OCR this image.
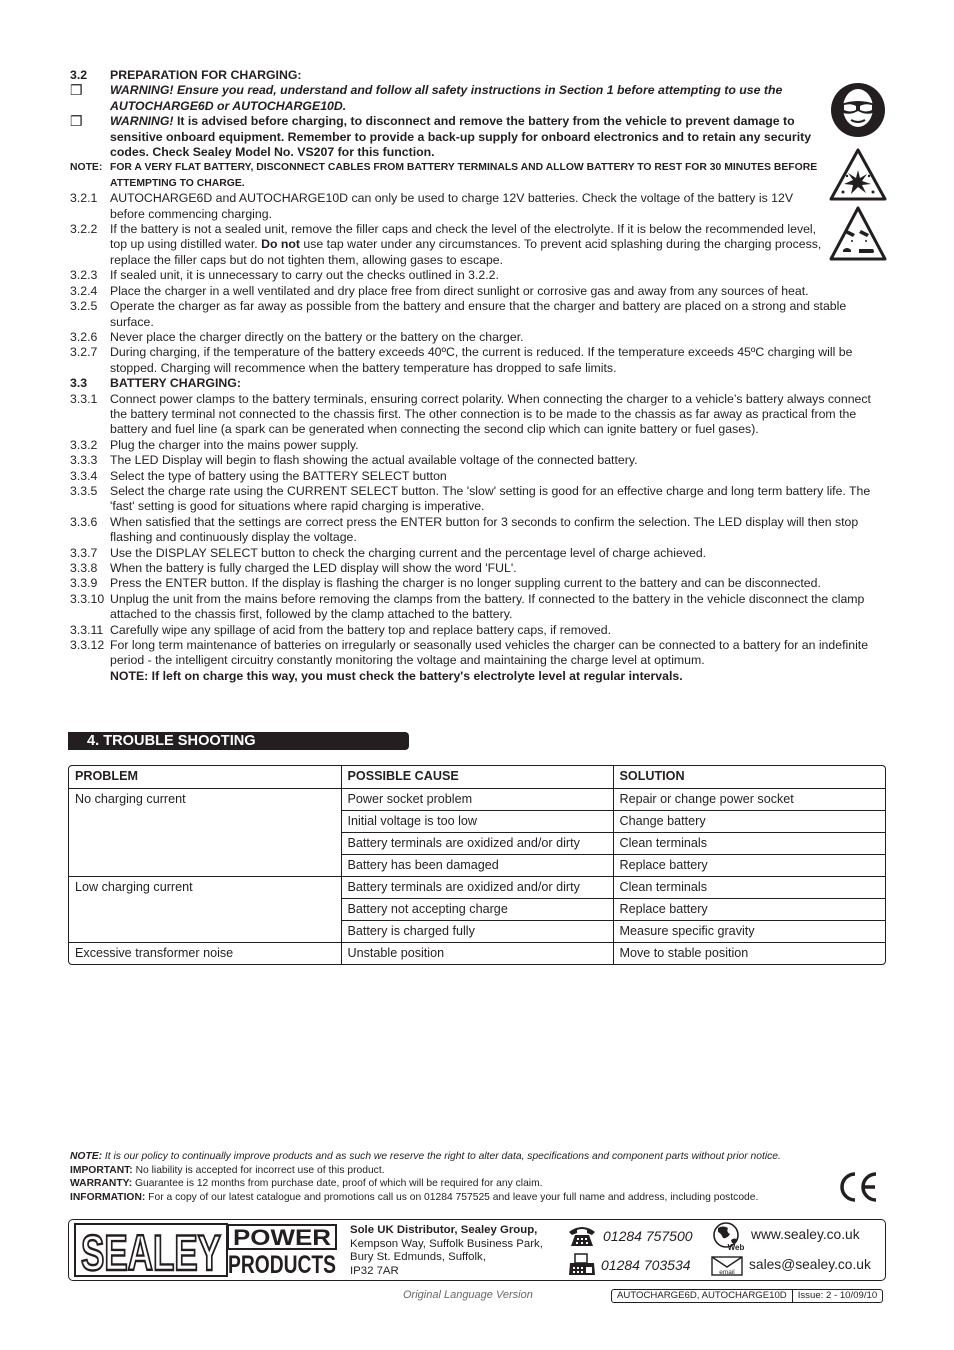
3.2	PREPARATION FOR CHARGING:
❒	WARNING! Ensure you read, understand and follow all safety instructions in Section 1 before attempting to use the
AUTOCHARGE6D or AUTOCHARGE10D.
❒	WARNING! It is advised before charging, to disconnect and remove the battery from the vehicle to prevent damage to sensitive onboard equipment. Remember to provide a back-up supply for onboard electronics and to retain any security codes. Check Sealey Model No. VS207 for this function.
NOTE: FOR A VERY FLAT BATTERY, DISCONNECT CABLES FROM BATTERY TERMINALS AND ALLOW BATTERY TO REST FOR 30 MINUTES BEFORE ATTEMPTING TO CHARGE.
3.2.1	AUTOCHARGE6D and AUTOCHARGE10D can only be used to charge 12V batteries. Check the voltage of the battery is 12V before commencing charging.
3.2.2	If the battery is not a sealed unit, remove the filler caps and check the level of the electrolyte. If it is below the recommended level, top up using distilled water. Do not use tap water under any circumstances. To prevent acid splashing during the charging process, replace the filler caps but do not tighten them, allowing gases to escape.
3.2.3	If sealed unit, it is unnecessary to carry out the checks outlined in 3.2.2.
3.2.4	Place the charger in a well ventilated and dry place free from direct sunlight or corrosive gas and away from any sources of heat.
3.2.5	Operate the charger as far away as possible from the battery and ensure that the charger and battery are placed on a strong and stable surface.
3.2.6	Never place the charger directly on the battery or the battery on the charger.
3.2.7	During charging, if the temperature of the battery exceeds 40ºC, the current is reduced. If the temperature exceeds 45ºC charging will be stopped. Charging will recommence when the battery temperature has dropped to safe limits.
3.3	BATTERY CHARGING:
3.3.1	Connect power clamps to the battery terminals, ensuring correct polarity. When connecting the charger to a vehicle’s battery always connect the battery terminal not connected to the chassis first. The other connection is to be made to the chassis as far away as practical from the battery and fuel line (a spark can be generated when connecting the second clip which can ignite battery or fuel gases).
3.3.2	Plug the charger into the mains power supply.
3.3.3	The LED Display will begin to flash showing the actual available voltage of the connected battery.
3.3.4	Select the type of battery using the BATTERY SELECT button
3.3.5	Select the charge rate using the CURRENT SELECT button. The 'slow' setting is good for an effective charge and long term battery life. The 'fast' setting is good for situations where rapid charging is imperative.
3.3.6	When satisfied that the settings are correct press the ENTER button for 3 seconds to confirm the selection. The LED display will then stop flashing and continuously display the voltage.
3.3.7	Use the DISPLAY SELECT button to check the charging current and the percentage level of charge achieved.
3.3.8	When the battery is fully charged the LED display will show the word 'FUL'.
3.3.9	Press the ENTER button. If the display is flashing the charger is no longer suppling current to the battery and can be disconnected.
3.3.10 Unplug the unit from the mains before removing the clamps from the battery. If connected to the battery in the vehicle disconnect the clamp attached to the chassis first, followed by the clamp attached to the battery.
3.3.11 Carefully wipe any spillage of acid from the battery top and replace battery caps, if removed.
3.3.12 For long term maintenance of batteries on irregularly or seasonally used vehicles the charger can be connected to a battery for an indefinite period - the intelligent circuitry constantly monitoring the voltage and maintaining the charge level at optimum.
NOTE: If left on charge this way, you must check the battery's electrolyte level at regular intervals.
4. TROUBLE SHOOTING
PROBLEM	POSSIBLE CAUSE	SOLUTION
No charging current	Power socket problem	Repair or change power socket
	Initial voltage is too low	Change battery
	Battery terminals are oxidized and/or dirty	Clean terminals
	Battery has been damaged	Replace battery
Low charging current	Battery terminals are oxidized and/or dirty	Clean terminals
	Battery not accepting charge	Replace battery
	Battery is charged fully	Measure specific gravity
Excessive transformer noise	Unstable position	Move to stable position
NOTE: It is our policy to continually improve products and as such we reserve the right to alter data, specifications and component parts without prior notice.
IMPORTANT: No liability is accepted for incorrect use of this product.
WARRANTY: Guarantee is 12 months from purchase date, proof of which will be required for any claim.
INFORMATION: For a copy of our latest catalogue and promotions call us on 01284 757525 and leave your full name and address, including postcode.
SEALEY POWER
PRODUCTS
Sole UK Distributor, Sealey Group,
Kempson Way, Suffolk Business Park,
Bury St. Edmunds, Suffolk,
IP32 7AR
01284 757500
01284 703534
Web
www.sealey.co.uk
email
sales@sealey.co.uk
Original Language Version	AUTOCHARGE6D, AUTOCHARGE10D	Issue: 2 - 10/09/10
